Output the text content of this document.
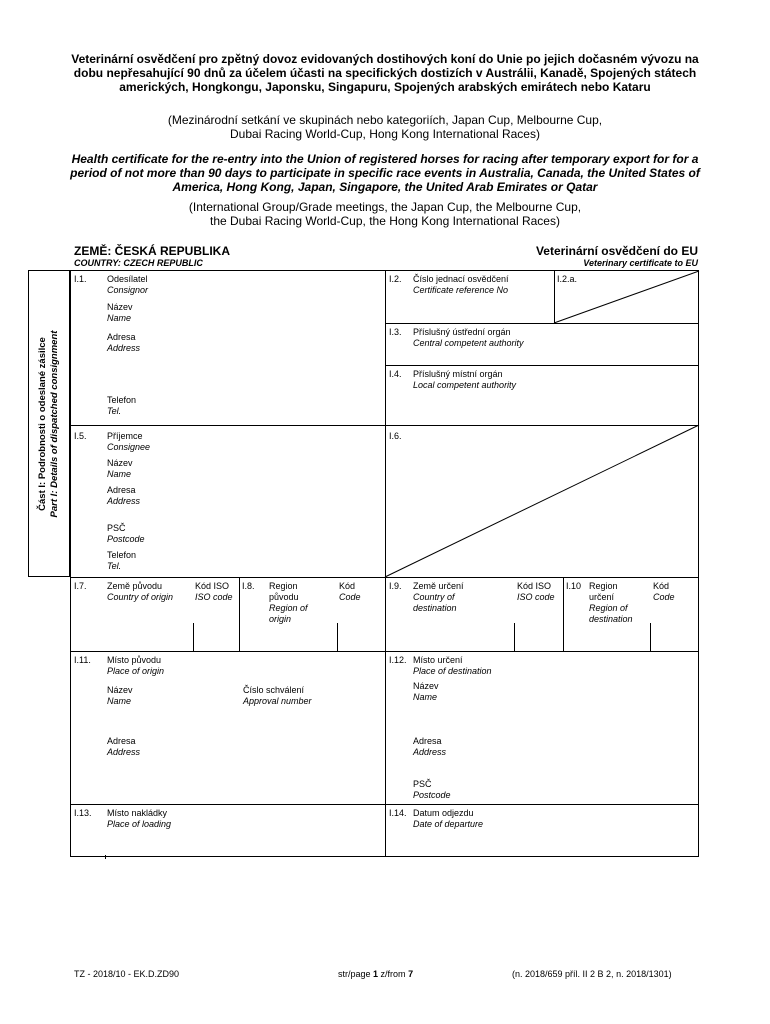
Veterinární osvědčení pro zpětný dovoz evidovaných dostihových koní do Unie po jejich dočasném vývozu na dobu nepřesahující 90 dnů za účelem účasti na specifických dostizích v Austrálii, Kanadě, Spojených státech amerických, Hongkongu, Japonsku, Singapuru, Spojených arabských emirátech nebo Kataru
(Mezinárodní setkání ve skupinách nebo kategoriích, Japan Cup, Melbourne Cup,
Dubai Racing World-Cup, Hong Kong International Races)
Health certificate for the re-entry into the Union of registered horses for racing after temporary export for for a period of not more than 90 days to participate in specific race events in Australia, Canada, the United States of America, Hong Kong, Japan, Singapore, the United Arab Emirates or Qatar
(International Group/Grade meetings, the Japan Cup, the Melbourne Cup,
the Dubai Racing World-Cup, the Hong Kong International Races)
ZEMĚ: ČESKÁ REPUBLIKA
COUNTRY: CZECH REPUBLIC
Veterinární osvědčení do EU
Veterinary certificate to EU
Část I: Podrobnosti o odeslané zásilce Part I: Details of dispatched consignment
I.1. Odesílatel
Consignor
Název
Name
Adresa
Address
Telefon
Tel.
I.2. Číslo jednací osvědčení
Certificate reference No
I.2.a.
I.3. Příslušný ústřední orgán
Central competent authority
I.4. Příslušný místní orgán
Local competent authority
I.5. Příjemce
Consignee
Název
Name
Adresa
Address
PSČ
Postcode
Telefon
Tel.
I.6.
I.7. Země původu
Country of origin
Kód ISO
ISO code
I.8. Region
původu
Region of
origin
Kód
Code
I.9. Země určení
Country of
destination
Kód ISO
ISO code
I.10 Region
určení
Region of
destination
Kód
Code
I.11. Místo původu
Place of origin
Název
Name
Číslo schválení
Approval number
Adresa
Address
I.12. Místo určení
Place of destination
Název
Name
Adresa
Address
PSČ
Postcode
I.13. Místo nakládky
Place of loading
I.14. Datum odjezdu
Date of departure
TZ - 2018/10 - EK.D.ZD90	str/page 1 z/from 7	(n. 2018/659 příl. II 2 B 2, n. 2018/1301)
